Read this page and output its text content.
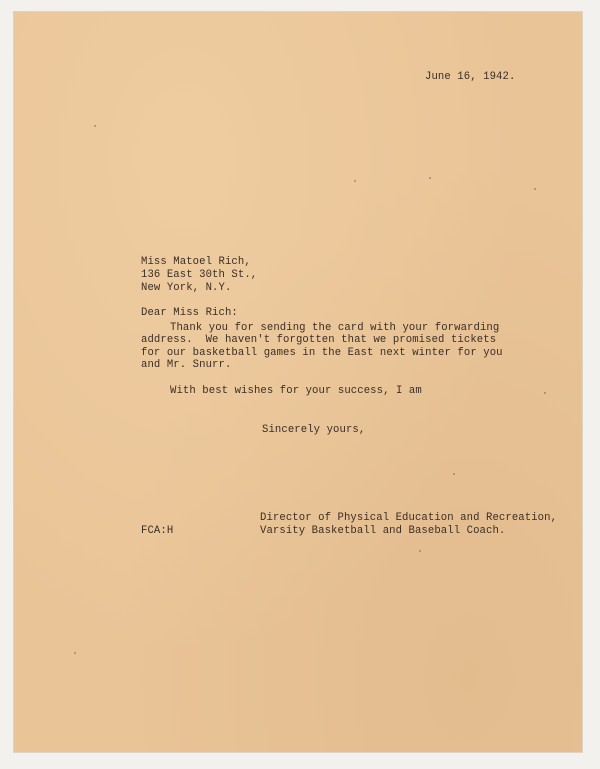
June 16, 1942.
Miss Matoel Rich,
136 East 30th St.,
New York, N.Y.
Dear Miss Rich:
Thank you for sending the card with your forwarding
address.  We haven't forgotten that we promised tickets
for our basketball games in the East next winter for you
and Mr. Snurr.
With best wishes for your success, I am
Sincerely yours,
Director of Physical Education and Recreation,
Varsity Basketball and Baseball Coach.
FCA:H
